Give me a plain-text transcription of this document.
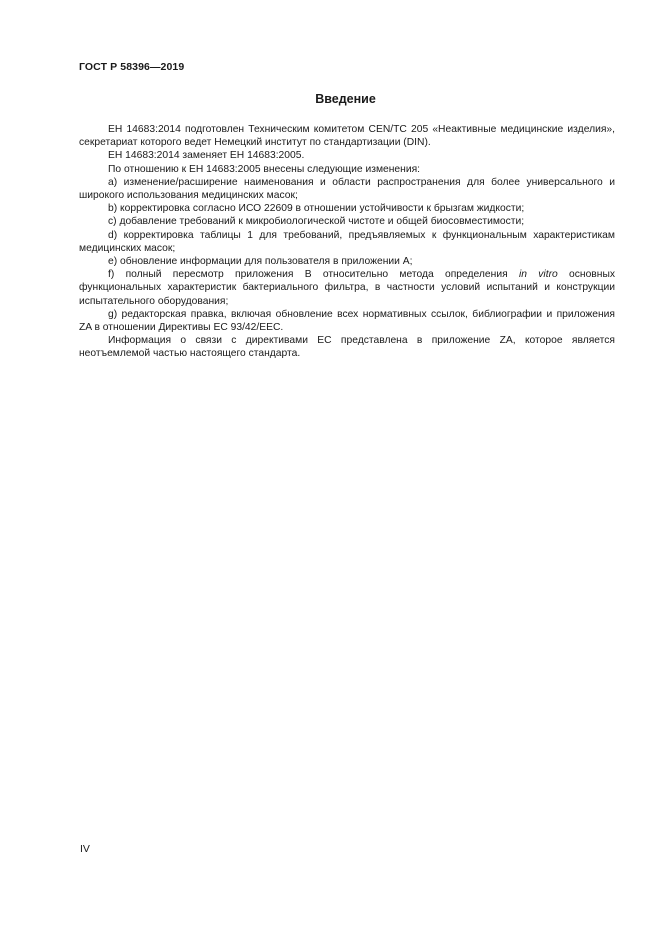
ГОСТ Р 58396—2019
Введение

ЕН 14683:2014 подготовлен Техническим комитетом CEN/TC 205 «Неактивные медицинские изделия», секретариат которого ведет Немецкий институт по стандартизации (DIN).

ЕН 14683:2014 заменяет ЕН 14683:2005.

По отношению к ЕН 14683:2005 внесены следующие изменения:

a) изменение/расширение наименования и области распространения для более универсального и широкого использования медицинских масок;

b) корректировка согласно ИСО 22609 в отношении устойчивости к брызгам жидкости;

c) добавление требований к микробиологической чистоте и общей биосовместимости;

d) корректировка таблицы 1 для требований, предъявляемых к функциональным характеристикам медицинских масок;

e) обновление информации для пользователя в приложении А;

f) полный пересмотр приложения В относительно метода определения in vitro основных функциональных характеристик бактериального фильтра, в частности условий испытаний и конструкции испытательного оборудования;

g) редакторская правка, включая обновление всех нормативных ссылок, библиографии и приложения ZA в отношении Директивы ЕС 93/42/EEC.

Информация о связи с директивами ЕС представлена в приложение ZA, которое является неотъемлемой частью настоящего стандарта.

IV
